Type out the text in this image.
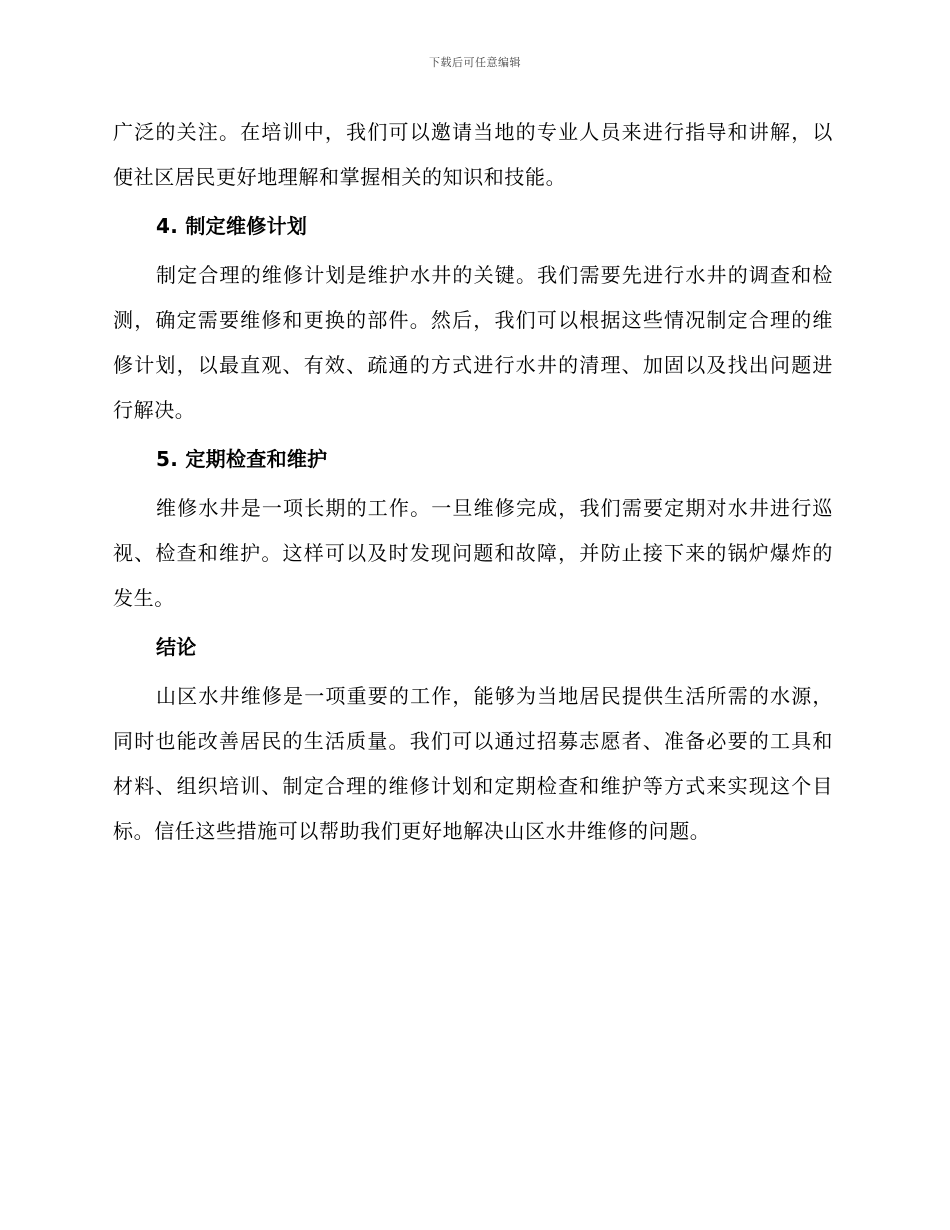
下载后可任意编辑

广泛的关注。在培训中，我们可以邀请当地的专业人员来进行指导和讲解，以便社区居民更好地理解和掌握相关的知识和技能。

4. 制定维修计划

制定合理的维修计划是维护水井的关键。我们需要先进行水井的调查和检测，确定需要维修和更换的部件。然后，我们可以根据这些情况制定合理的维修计划，以最直观、有效、疏通的方式进行水井的清理、加固以及找出问题进行解决。

5. 定期检查和维护

维修水井是一项长期的工作。一旦维修完成，我们需要定期对水井进行巡视、检查和维护。这样可以及时发现问题和故障，并防止接下来的锅炉爆炸的发生。

结论

山区水井维修是一项重要的工作，能够为当地居民提供生活所需的水源，同时也能改善居民的生活质量。我们可以通过招募志愿者、准备必要的工具和材料、组织培训、制定合理的维修计划和定期检查和维护等方式来实现这个目标。信任这些措施可以帮助我们更好地解决山区水井维修的问题。
